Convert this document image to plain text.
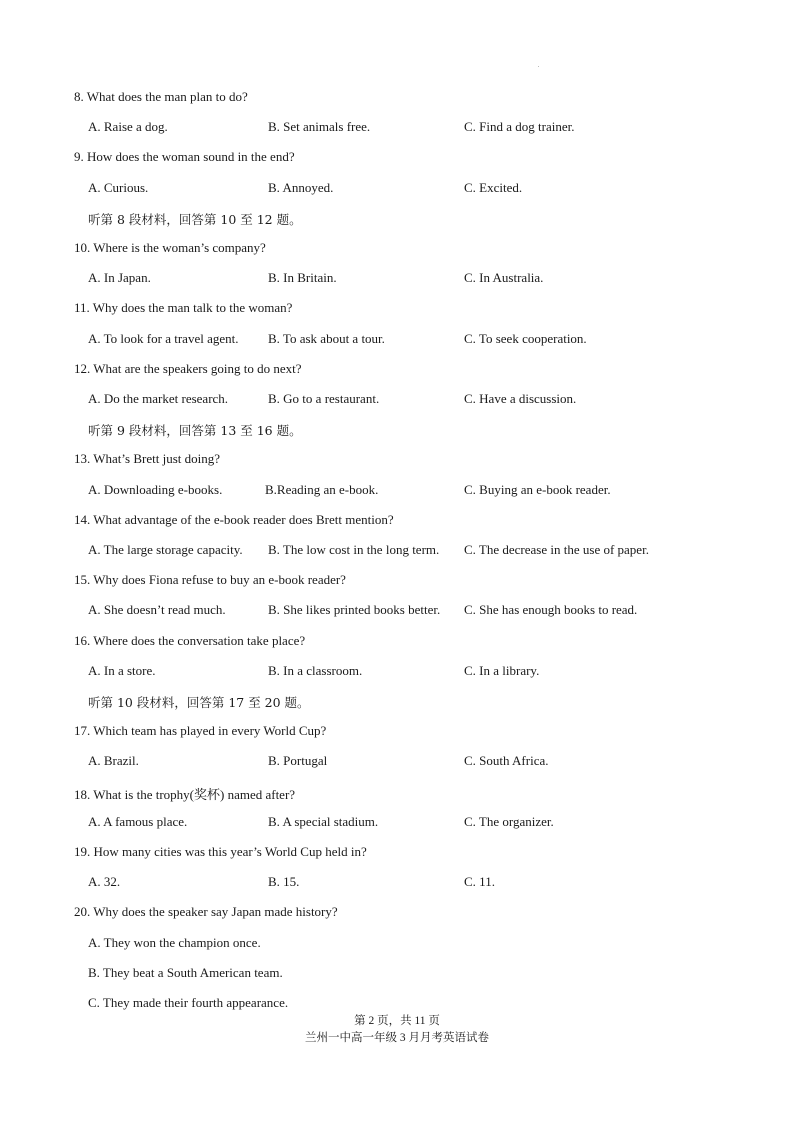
8. What does the man plan to do?
A. Raise a dog.	B. Set animals free.	C. Find a dog trainer.
9. How does the woman sound in the end?
A. Curious.	B. Annoyed.	C. Excited.
听第 8 段材料，回答第 10 至 12 题。
10. Where is the woman’s company?
A. In Japan.	B. In Britain.	C. In Australia.
11. Why does the man talk to the woman?
A. To look for a travel agent. B. To ask about a tour.	C. To seek cooperation.
12. What are the speakers going to do next?
A. Do the market research.	B. Go to a restaurant.	C. Have a discussion.
听第 9 段材料，回答第 13 至 16 题。
13. What’s Brett just doing?
A. Downloading e-books.	B.Reading an e-book.	C. Buying an e-book reader.
14. What advantage of the e-book reader does Brett mention?
A. The large storage capacity. B. The low cost in the long term. C. The decrease in the use of paper.
15. Why does Fiona refuse to buy an e-book reader?
A. She doesn’t read much.	B. She likes printed books better. C. She has enough books to read.
16. Where does the conversation take place?
A. In a store.	B. In a classroom.	C. In a library.
听第 10 段材料，回答第 17 至 20 题。
17. Which team has played in every World Cup?
A. Brazil.	B. Portugal	C. South Africa.
18. What is the trophy(奖杯) named after?
A. A famous place.	B. A special stadium.	C. The organizer.
19. How many cities was this year’s World Cup held in?
A. 32.	B. 15.	C. 11.
20. Why does the speaker say Japan made history?
A. They won the champion once.
B. They beat a South American team.
C. They made their fourth appearance.
第 2 页，共 11 页
兰州一中高一年级 3 月月考英语试卷
